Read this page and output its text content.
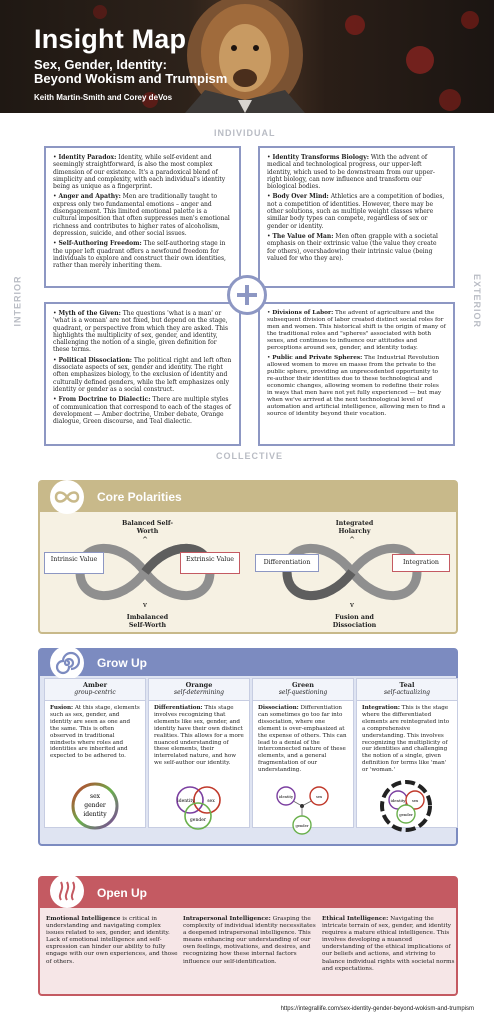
Insight Map
Sex, Gender, Identity:
Beyond Wokism and Trumpism
Keith Martin-Smith and Corey deVos
INDIVIDUAL
COLLECTIVE
INTERIOR	EXTERIOR

• Identity Paradox: Identity, while self-evident and seemingly straightforward, is also the most complex dimension of our existence. It's a paradoxical blend of simplicity and complexity, with each individual's identity being as unique as a fingerprint.

• Anger and Apathy: Men are traditionally taught to express only two fundamental emotions – anger and disengagement. This limited emotional palette is a cultural imposition that often suppresses men's emotional richness and contributes to higher rates of alcoholism, depression, suicide, and other social issues.

• Self-Authoring Freedom: The self-authoring stage in the upper left quadrant offers a newfound freedom for individuals to explore and construct their own identities, rather than merely inheriting them.

• Identity Transforms Biology: With the advent of medical and technological progress, our upper-left identity, which used to be downstream from our upper-right biology, can now influence and transform our biological bodies.

• Body Over Mind: Athletics are a competition of bodies, not a competition of identities. However, there may be other solutions, such as multiple weight classes where similar body types can compete, regardless of sex or gender or identity.

• The Value of Man: Men often grapple with a societal emphasis on their extrinsic value (the value they create for others), overshadowing their intrinsic value (being valued for who they are).

• Myth of the Given: The questions 'what is a man' or 'what is a woman' are not fixed, but depend on the stage, quadrant, or perspective from which they are asked. This highlights the multiplicity of sex, gender, and identity, challenging the notion of a single, given definition for these terms.

• Political Dissociation: The political right and left often dissociate aspects of sex, gender and identity. The right often emphasizes biology, to the exclusion of identity and culturally defined genders, while the left emphasizes only identity or gender as a social construct.

• From Doctrine to Dialectic: There are multiple styles of communication that correspond to each of the stages of development — Amber doctrine, Umber debate, Orange dialogue, Green discourse, and Teal dialectic.

• Divisions of Labor: The advent of agriculture and the subsequent division of labor created distinct social roles for men and women. This historical shift is the origin of many of the traditional roles and "spheres" associated with both sexes, and continues to influence our attitudes and perceptions around sex, gender, and identity today.

• Public and Private Spheres: The Industrial Revolution allowed women to move en masse from the private to the public sphere, providing an unprecedented opportunity to re-author their identities due to these technological and economic changes, allowing women to redefine their roles in ways that men have not yet fully experienced — but may when we've arrived at the next technological level of automation and artificial intelligence, allowing men to find a source of identity beyond their vocation.

Core Polarities
^
v
^
v
Balanced Self-Worth
Imbalanced Self-Worth
Intrinsic Value	Extrinsic Value
Integrated Holarchy
Fusion and Dissociation
Differentiation	Integration
Grow Up
Amber
group-centric
Fusion: At this stage, elements such as sex, gender, and identity are seen as one and the same. This is often observed in traditional mindsets where roles and identities are inherited and expected to be adhered to.
Orange
self-determining
Differentiation: This stage involves recognizing that elements like sex, gender, and identity have their own distinct realities. This allows for a more nuanced understanding of these elements, their interrelated nature, and how we self-author our identity.
Green
self-questioning
Dissociation: Differentiation can sometimes go too far into dissociation, where one element is over-emphasized at the expense of others. This can lead to a denial of the interconnected nature of these elements, and a general fragmentation of our understanding.
Teal
self-actualizing
Integration: This is the stage where the differentiated elements are reintegrated into a comprehensive understanding. This involves recognizing the multiplicity of our identities and challenging the notion of a single, given definition for terms like 'man' or 'woman.'
sex
gender
identity
identity	sex
gender
identity	sex
gender
identity sex
gender
Open Up
Emotional Intelligence is critical in understanding and navigating complex issues related to sex, gender, and identity. Lack of emotional intelligence and self-expression can hinder our ability to fully engage with our own experiences, and those of others.
Intrapersonal Intelligence: Grasping the complexity of individual identity necessitates a deepened intrapersonal intelligence. This means enhancing our understanding of our own feelings, motivations, and desires, and recognizing how these internal factors influence our self-identification.
Ethical Intelligence: Navigating the intricate terrain of sex, gender, and identity requires a mature ethical intelligence. This involves developing a nuanced understanding of the ethical implications of our beliefs and actions, and striving to balance individual rights with societal norms and expectations.
https://integrallife.com/sex-identity-gender-beyond-wokism-and-trumpism
